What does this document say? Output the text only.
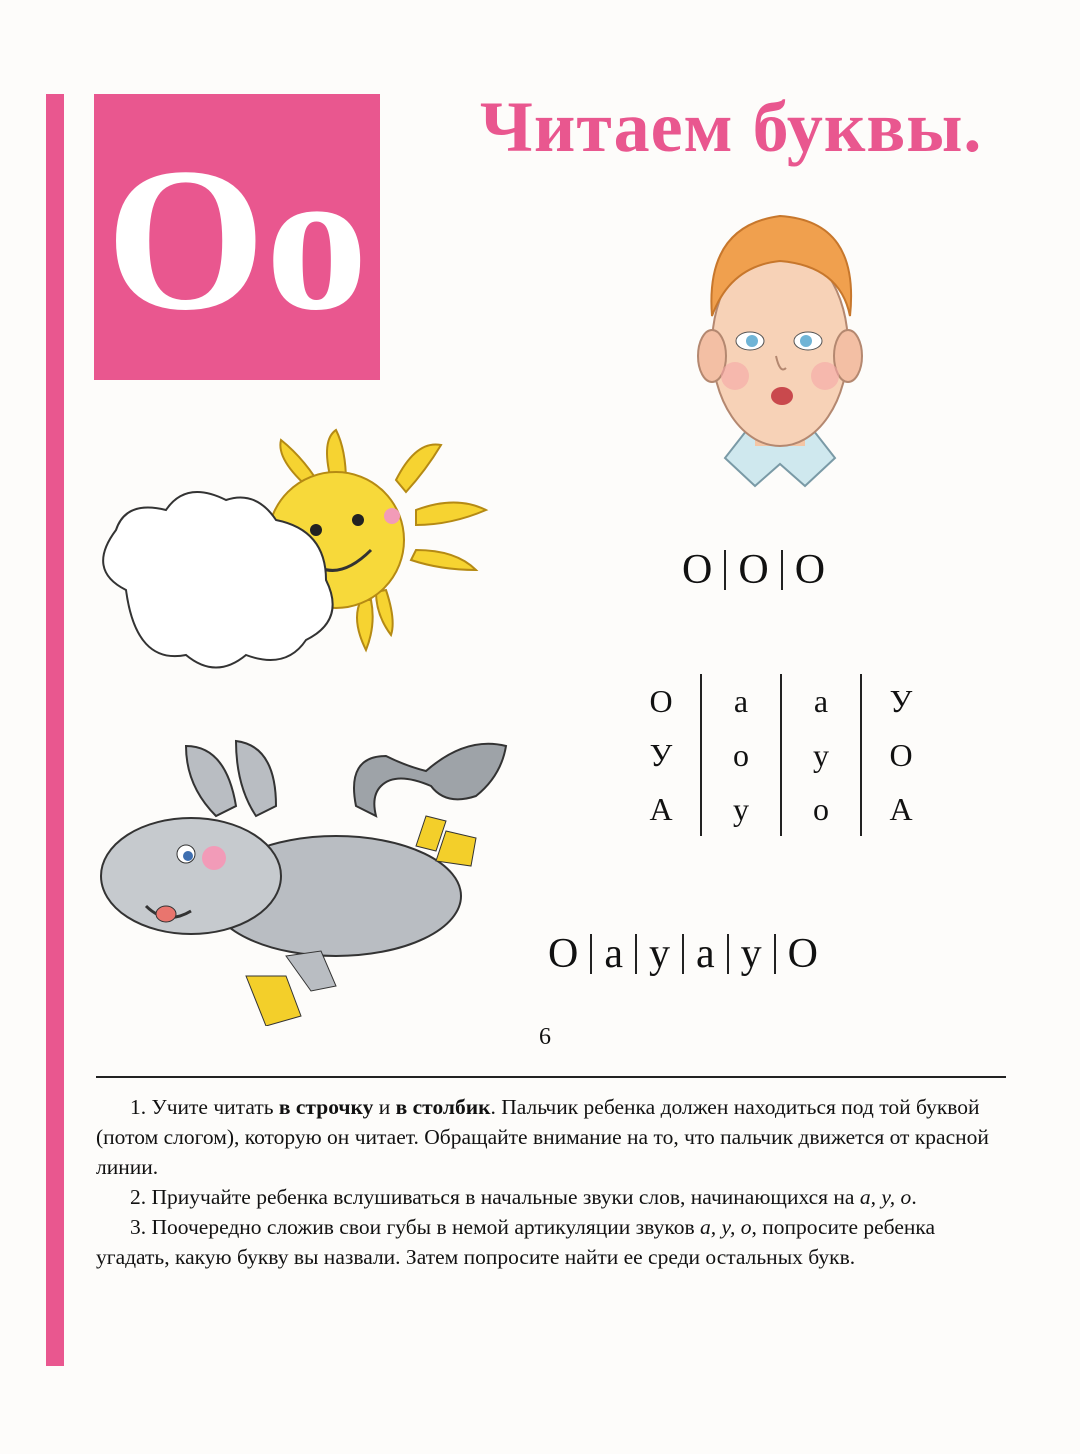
Оо Читаем буквы.
О О О
О
У
А
а
о
у
а
у
о
У
О
А
О а у а у О

1. Учите читать в строчку и в столбик. Пальчик ребенка должен находиться под той буквой (потом слогом), которую он читает. Обращайте внимание на то, что пальчик движется от красной линии.

2. Приучайте ребенка вслушиваться в начальные звуки слов, начинающихся на а, у, о.

3. Поочередно сложив свои губы в немой артикуляции звуков а, у, о, попросите ребенка угадать, какую букву вы назвали. Затем попросите найти ее среди остальных букв.

6
